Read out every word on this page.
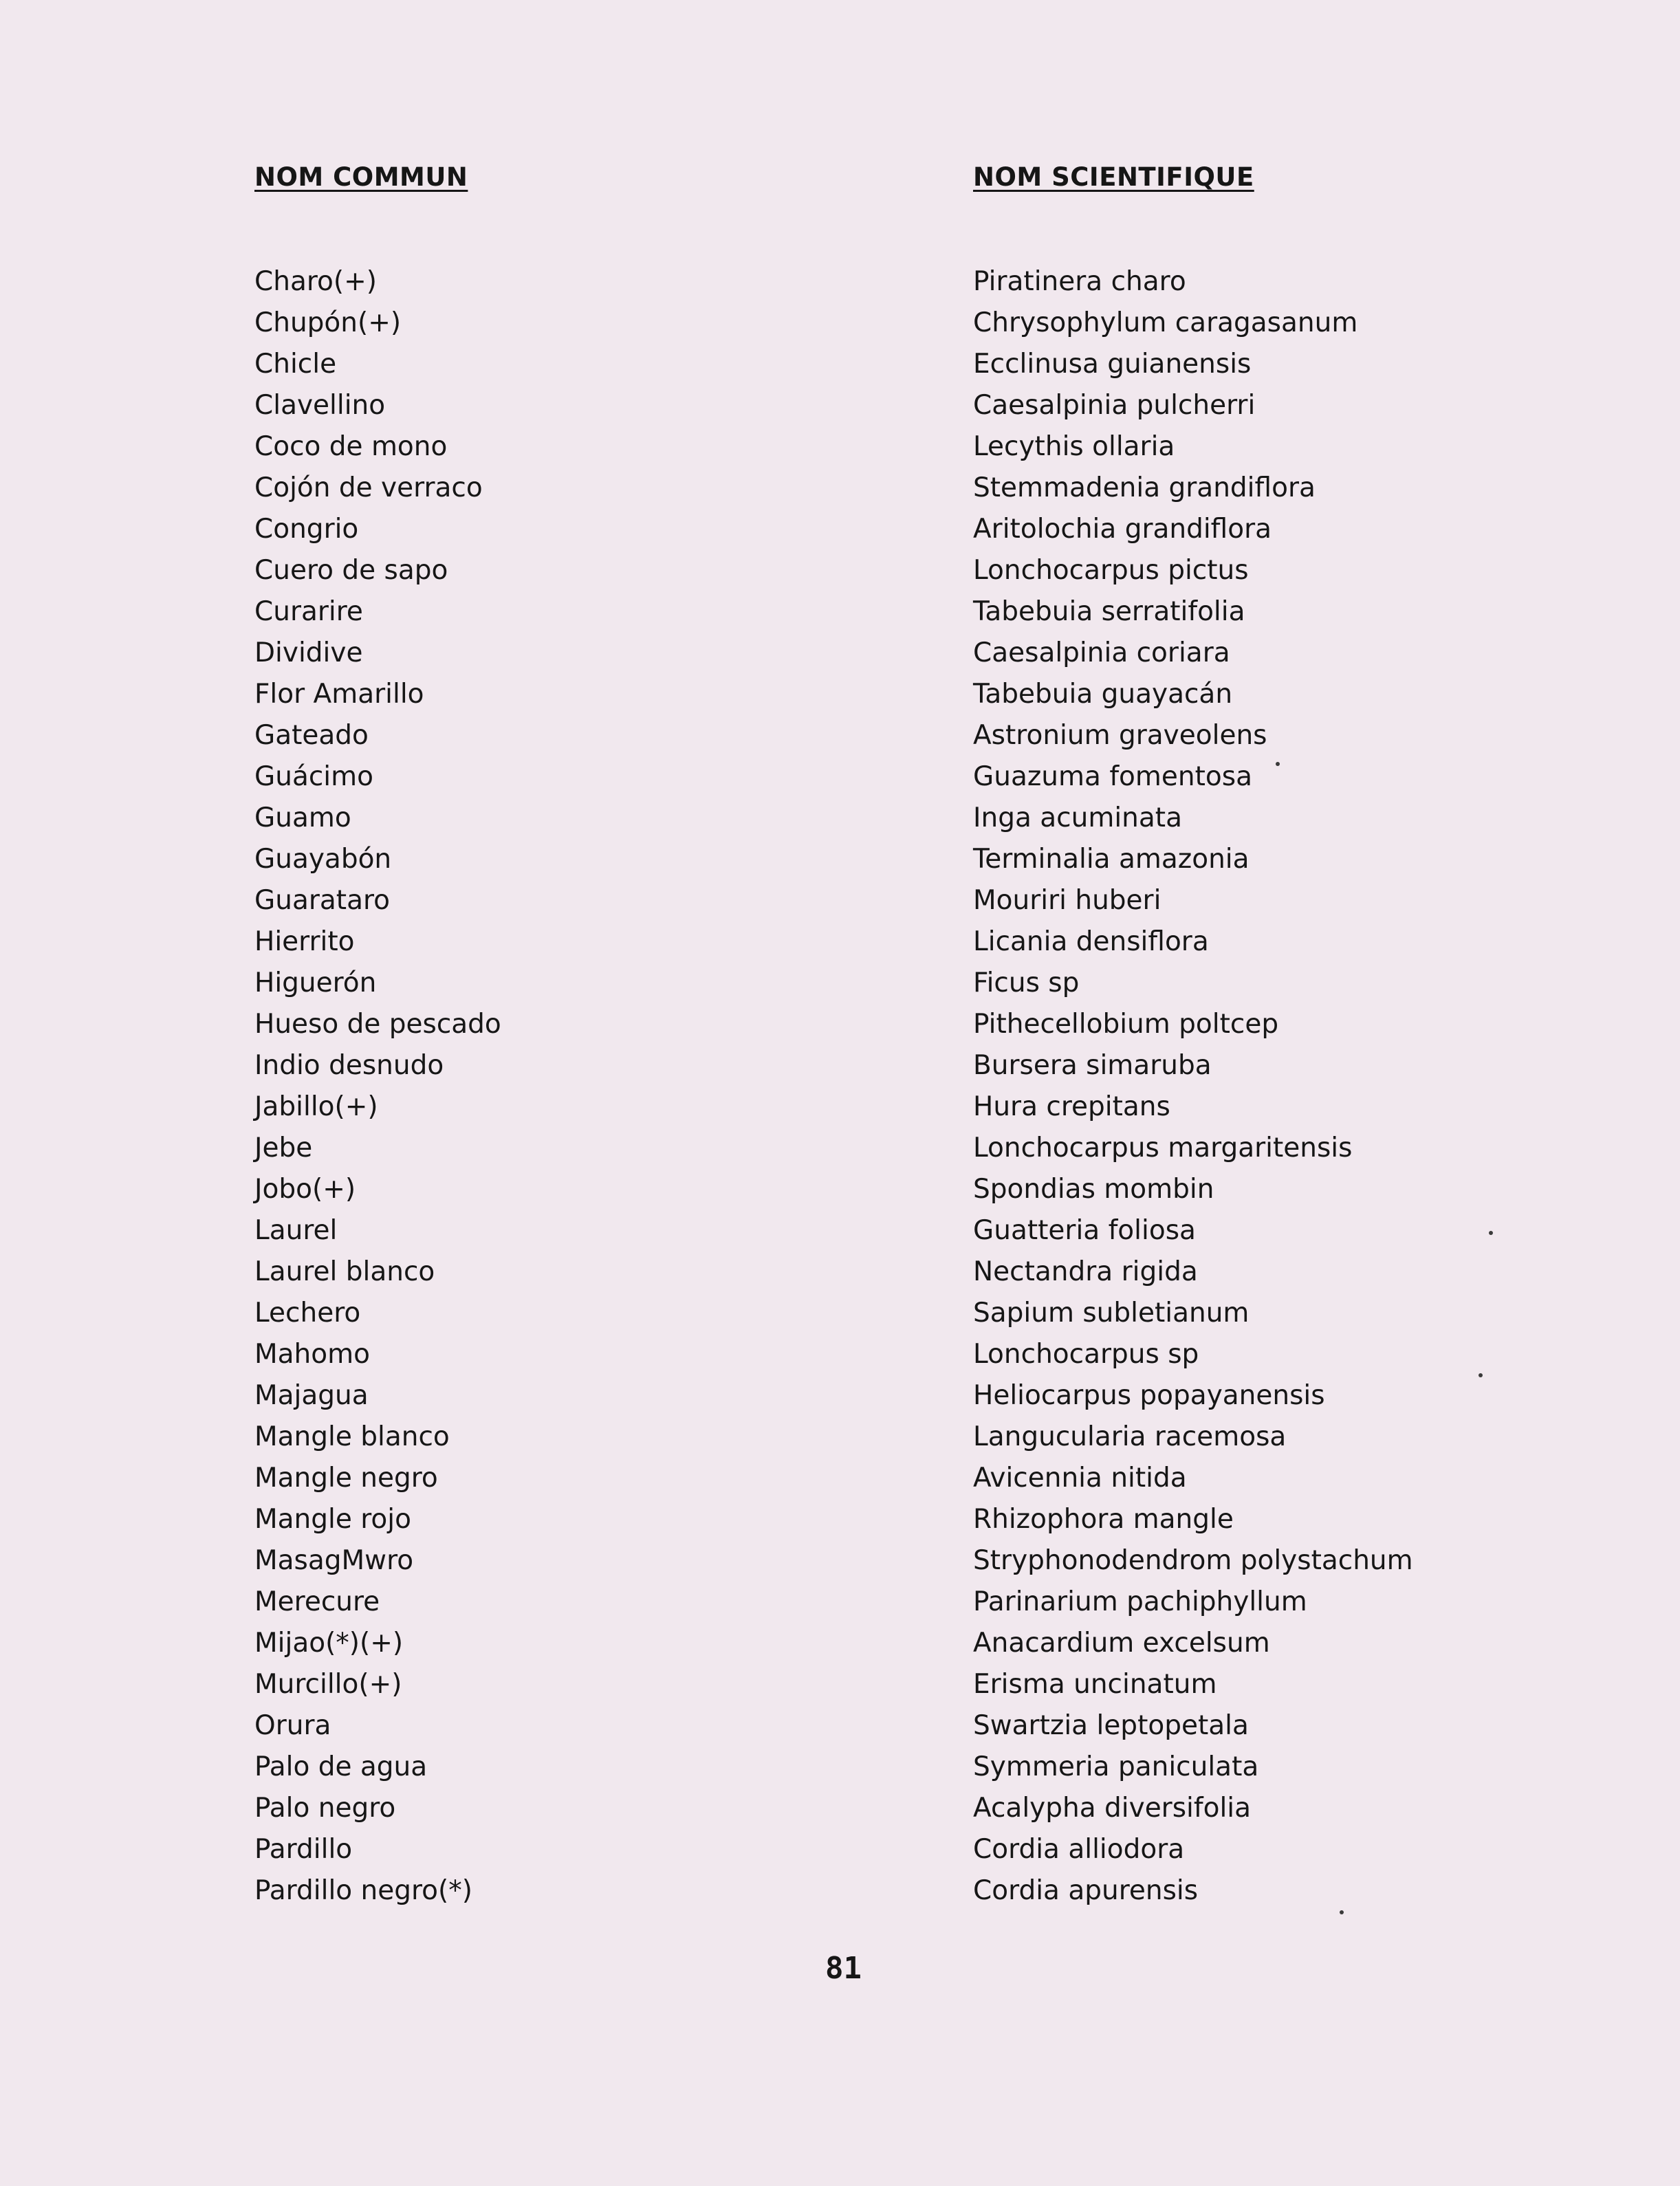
NOM COMMUN
Charo(+)
Chupón(+)
Chicle
Clavellino
Coco de mono
Cojón de verraco
Congrio
Cuero de sapo
Curarire
Dividive
Flor Amarillo
Gateado
Guácimo
Guamo
Guayabón
Guarataro
Hierrito
Higuerón
Hueso de pescado
Indio desnudo
Jabillo(+)
Jebe
Jobo(+)
Laurel
Laurel blanco
Lechero
Mahomo
Majagua
Mangle blanco
Mangle negro
Mangle rojo
MasagMwro
Merecure
Mijao(*)(+)
Murcillo(+)
Orura
Palo de agua
Palo negro
Pardillo
Pardillo negro(*)
NOM SCIENTIFIQUE
Piratinera charo
Chrysophylum caragasanum
Ecclinusa guianensis
Caesalpinia pulcherri
Lecythis ollaria
Stemmadenia grandiflora
Aritolochia grandiflora
Lonchocarpus pictus
Tabebuia serratifolia
Caesalpinia coriara
Tabebuia guayacán
Astronium graveolens
Guazuma fomentosa
Inga acuminata
Terminalia amazonia
Mouriri huberi
Licania densiflora
Ficus sp
Pithecellobium poltcep
Bursera simaruba
Hura crepitans
Lonchocarpus margaritensis
Spondias mombin
Guatteria foliosa
Nectandra rigida
Sapium subletianum
Lonchocarpus sp
Heliocarpus popayanensis
Langucularia racemosa
Avicennia nitida
Rhizophora mangle
Stryphonodendrom polystachum
Parinarium pachiphyllum
Anacardium excelsum
Erisma uncinatum
Swartzia leptopetala
Symmeria paniculata
Acalypha diversifolia
Cordia alliodora
Cordia apurensis
81
